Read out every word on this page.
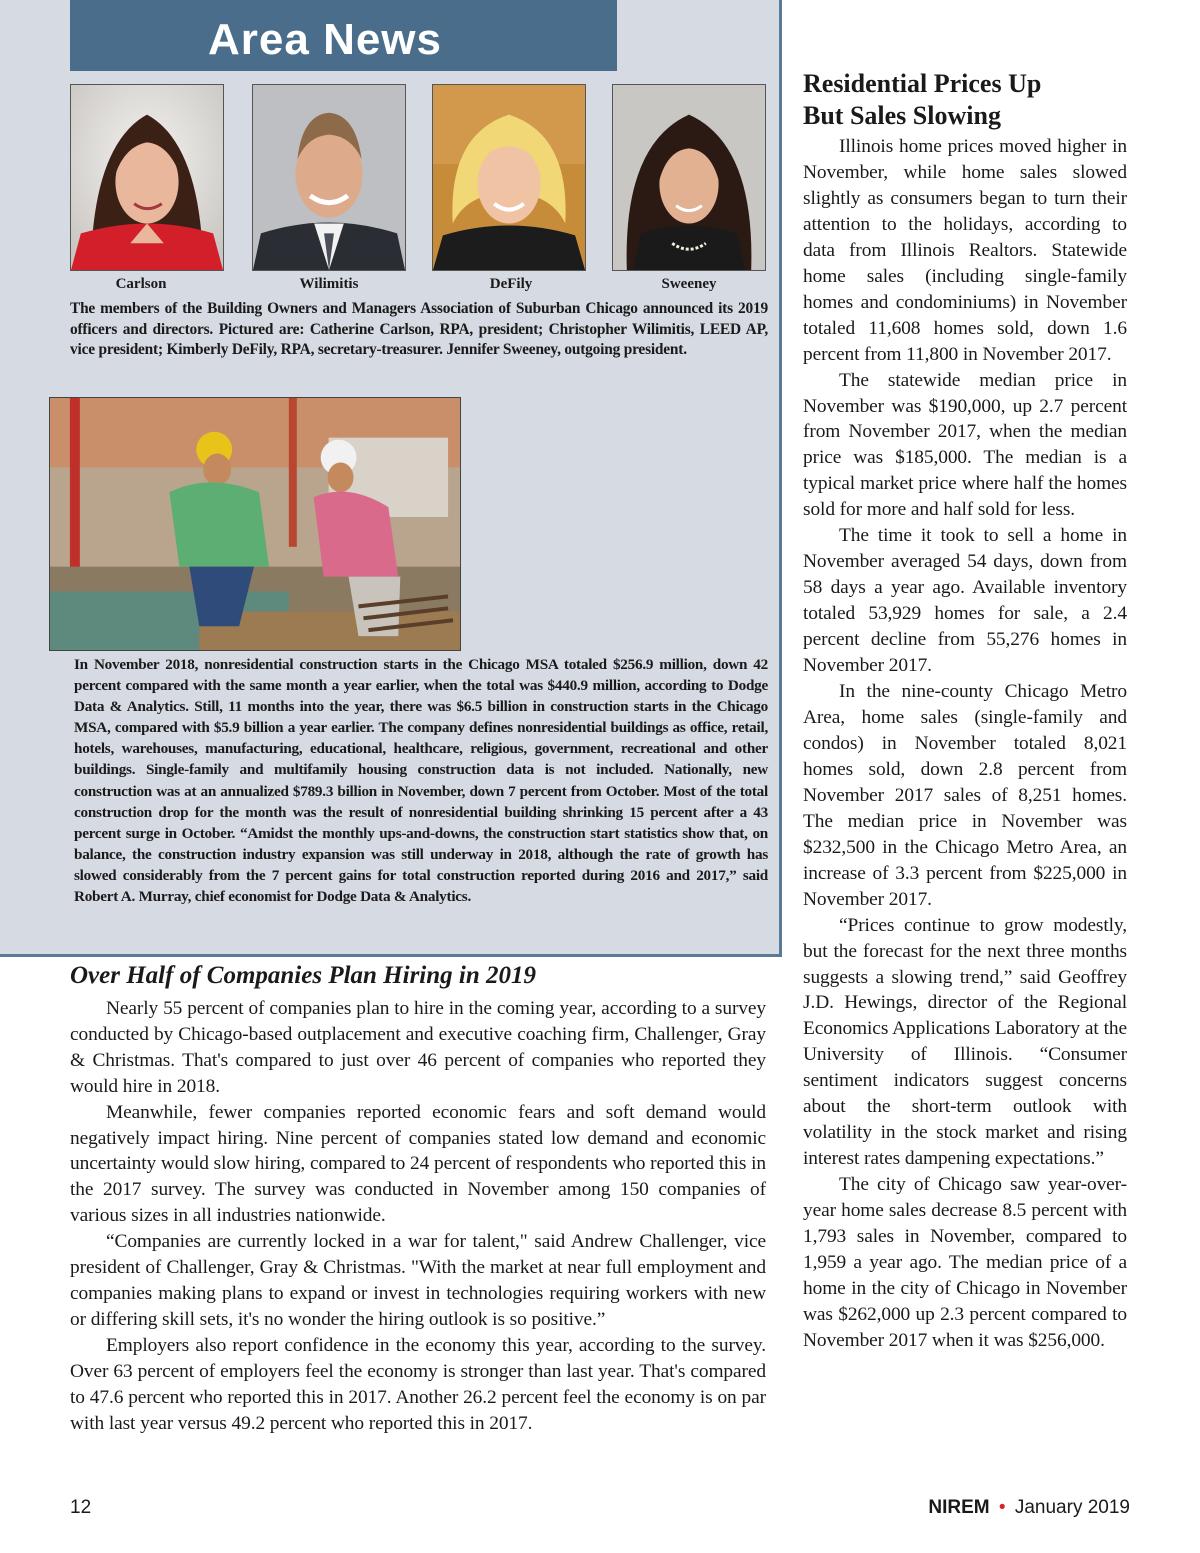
Area News
Carlson	Wilimitis	DeFily	Sweeney

The members of the Building Owners and Managers Association of Suburban Chicago announced its 2019 officers and directors. Pictured are: Catherine Carlson, RPA, president; Christopher Wilimitis, LEED AP, vice president; Kimberly DeFily, RPA, secretary-treasurer. Jennifer Sweeney, outgoing president.

In November 2018, nonresidential construction starts in the Chicago MSA totaled $256.9 million, down 42 percent compared with the same month a year earlier, when the total was $440.9 million, according to Dodge Data & Analytics. Still, 11 months into the year, there was $6.5 billion in construction starts in the Chicago MSA, compared with $5.9 billion a year earlier. The company defines nonresidential buildings as office, retail, hotels, warehouses, manufacturing, educational, healthcare, religious, government, recreational and other buildings. Single-family and multifamily housing construction data is not included. Nationally, new construction was at an annualized $789.3 billion in November, down 7 percent from October. Most of the total construction drop for the month was the result of nonresidential building shrinking 15 percent after a 43 percent surge in October. “Amidst the monthly ups-and-downs, the construction start statistics show that, on balance, the construction industry expansion was still underway in 2018, although the rate of growth has slowed considerably from the 7 percent gains for total construction reported during 2016 and 2017,” said Robert A. Murray, chief economist for Dodge Data & Analytics.

Over Half of Companies Plan Hiring in 2019

Nearly 55 percent of companies plan to hire in the coming year, according to a survey conducted by Chicago-based outplacement and executive coaching firm, Challenger, Gray & Christmas. That's compared to just over 46 percent of companies who reported they would hire in 2018.

Meanwhile, fewer companies reported economic fears and soft demand would negatively impact hiring. Nine percent of companies stated low demand and economic uncertainty would slow hiring, compared to 24 percent of respondents who reported this in the 2017 survey. The survey was conducted in November among 150 companies of various sizes in all industries nationwide.

“Companies are currently locked in a war for talent," said Andrew Challenger, vice president of Challenger, Gray & Christmas. "With the market at near full employment and companies making plans to expand or invest in technologies requiring workers with new or differing skill sets, it's no wonder the hiring outlook is so positive.”

Employers also report confidence in the economy this year, according to the survey. Over 63 percent of employers feel the economy is stronger than last year. That's compared to 47.6 percent who reported this in 2017. Another 26.2 percent feel the economy is on par with last year versus 49.2 percent who reported this in 2017.

Residential Prices Up
But Sales Slowing

Illinois home prices moved higher in November, while home sales slowed slightly as consumers began to turn their attention to the holidays, according to data from Illinois Realtors. Statewide home sales (including single-family homes and condominiums) in November totaled 11,608 homes sold, down 1.6 percent from 11,800 in November 2017.

The statewide median price in November was $190,000, up 2.7 percent from November 2017, when the median price was $185,000. The median is a typical market price where half the homes sold for more and half sold for less.

The time it took to sell a home in November averaged 54 days, down from 58 days a year ago. Available inventory totaled 53,929 homes for sale, a 2.4 percent decline from 55,276 homes in November 2017.

In the nine-county Chicago Metro Area, home sales (single-family and condos) in November totaled 8,021 homes sold, down 2.8 percent from November 2017 sales of 8,251 homes. The median price in November was $232,500 in the Chicago Metro Area, an increase of 3.3 percent from $225,000 in November 2017.

“Prices continue to grow modestly, but the forecast for the next three months suggests a slowing trend,” said Geoffrey J.D. Hewings, director of the Regional Economics Applications Laboratory at the University of Illinois. “Consumer sentiment indicators suggest concerns about the short-term outlook with volatility in the stock market and rising interest rates dampening expectations.”

The city of Chicago saw year-over-year home sales decrease 8.5 percent with 1,793 sales in November, compared to 1,959 a year ago. The median price of a home in the city of Chicago in November was $262,000 up 2.3 percent compared to November 2017 when it was $256,000.

12	NIREM • January 2019
